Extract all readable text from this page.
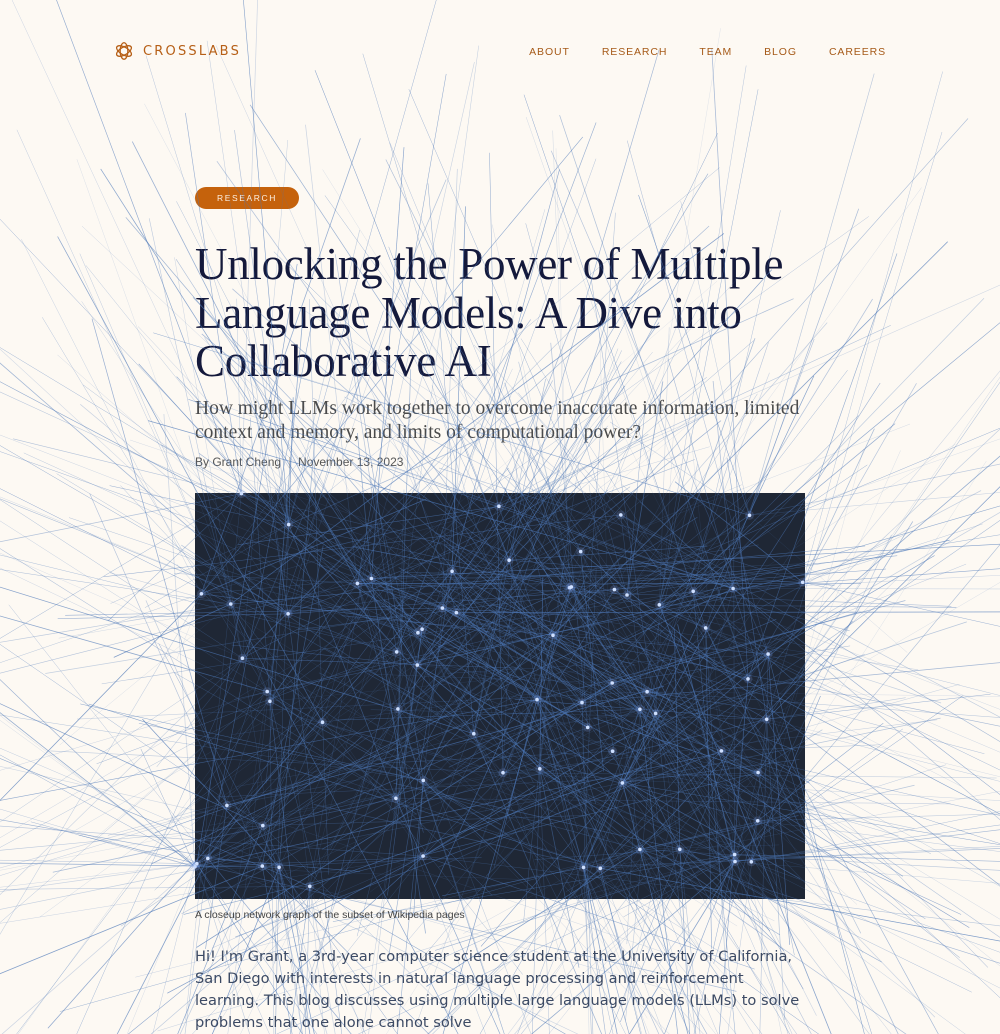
CROSSLABS	ABOUT	RESEARCH	TEAM	BLOG	CAREERS
RESEARCH
Unlocking the Power of Multiple Language Models: A Dive into Collaborative AI

How might LLMs work together to overcome inaccurate information, limited context and memory, and limits of computational power?

By Grant Cheng November 13, 2023
A closeup network graph of the subset of Wikipedia pages

Hi! I'm Grant, a 3rd-year computer science student at the University of California, San Diego with interests in natural language processing and reinforcement learning. This blog discusses using multiple large language models (LLMs) to solve problems that one alone cannot solve
